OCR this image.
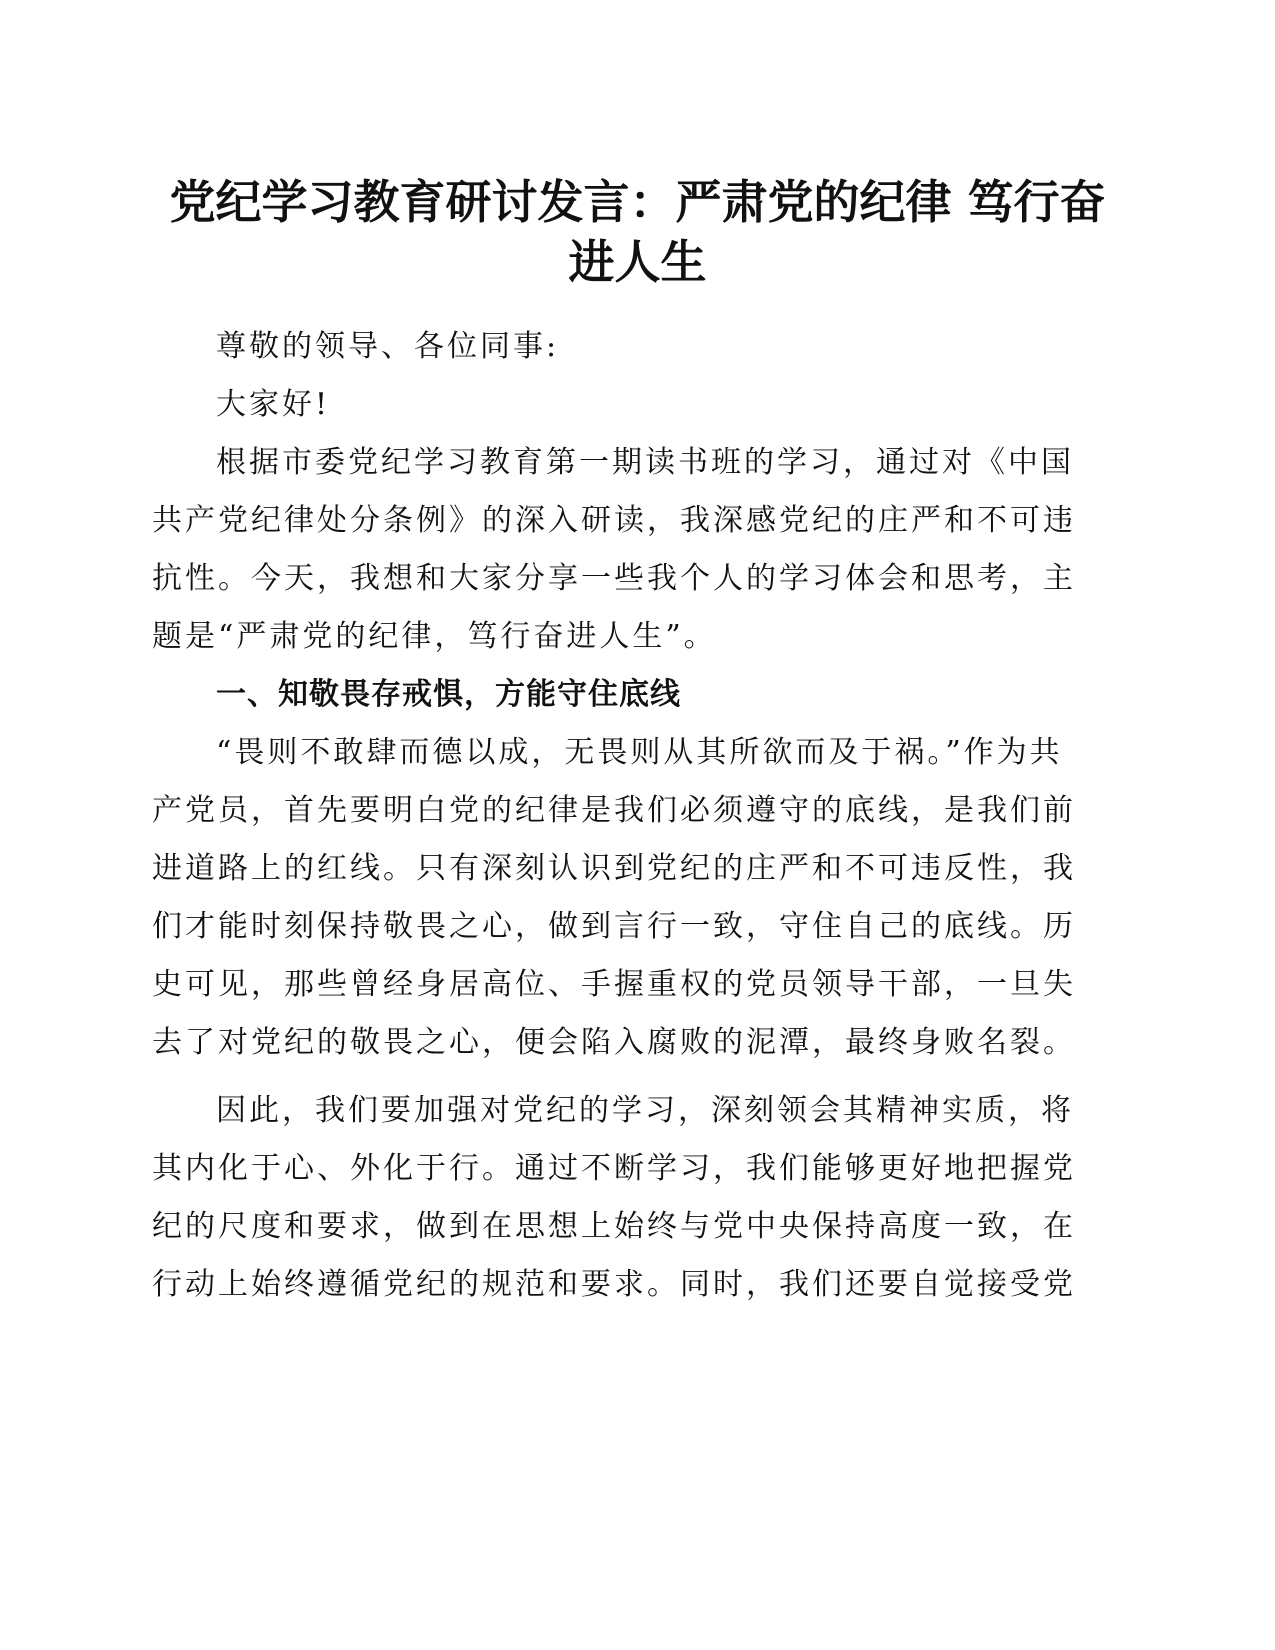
党纪学习教育研讨发言：严肃党的纪律 笃行奋进人生

尊敬的领导、各位同事:

大家好!

根据市委党纪学习教育第一期读书班的学习，通过对《中国共产党纪律处分条例》的深入研读，我深感党纪的庄严和不可违抗性。今天，我想和大家分享一些我个人的学习体会和思考，主题是“严肃党的纪律，笃行奋进人生”。

一、知敬畏存戒惧，方能守住底线

“畏则不敢肆而德以成，无畏则从其所欲而及于祸。”作为共产党员，首先要明白党的纪律是我们必须遵守的底线，是我们前进道路上的红线。只有深刻认识到党纪的庄严和不可违反性，我们才能时刻保持敬畏之心，做到言行一致，守住自己的底线。历史可见，那些曾经身居高位、手握重权的党员领导干部，一旦失去了对党纪的敬畏之心，便会陷入腐败的泥潭，最终身败名裂。

因此，我们要加强对党纪的学习，深刻领会其精神实质，将其内化于心、外化于行。通过不断学习，我们能够更好地把握党纪的尺度和要求，做到在思想上始终与党中央保持高度一致，在行动上始终遵循党纪的规范和要求。同时，我们还要自觉接受党
